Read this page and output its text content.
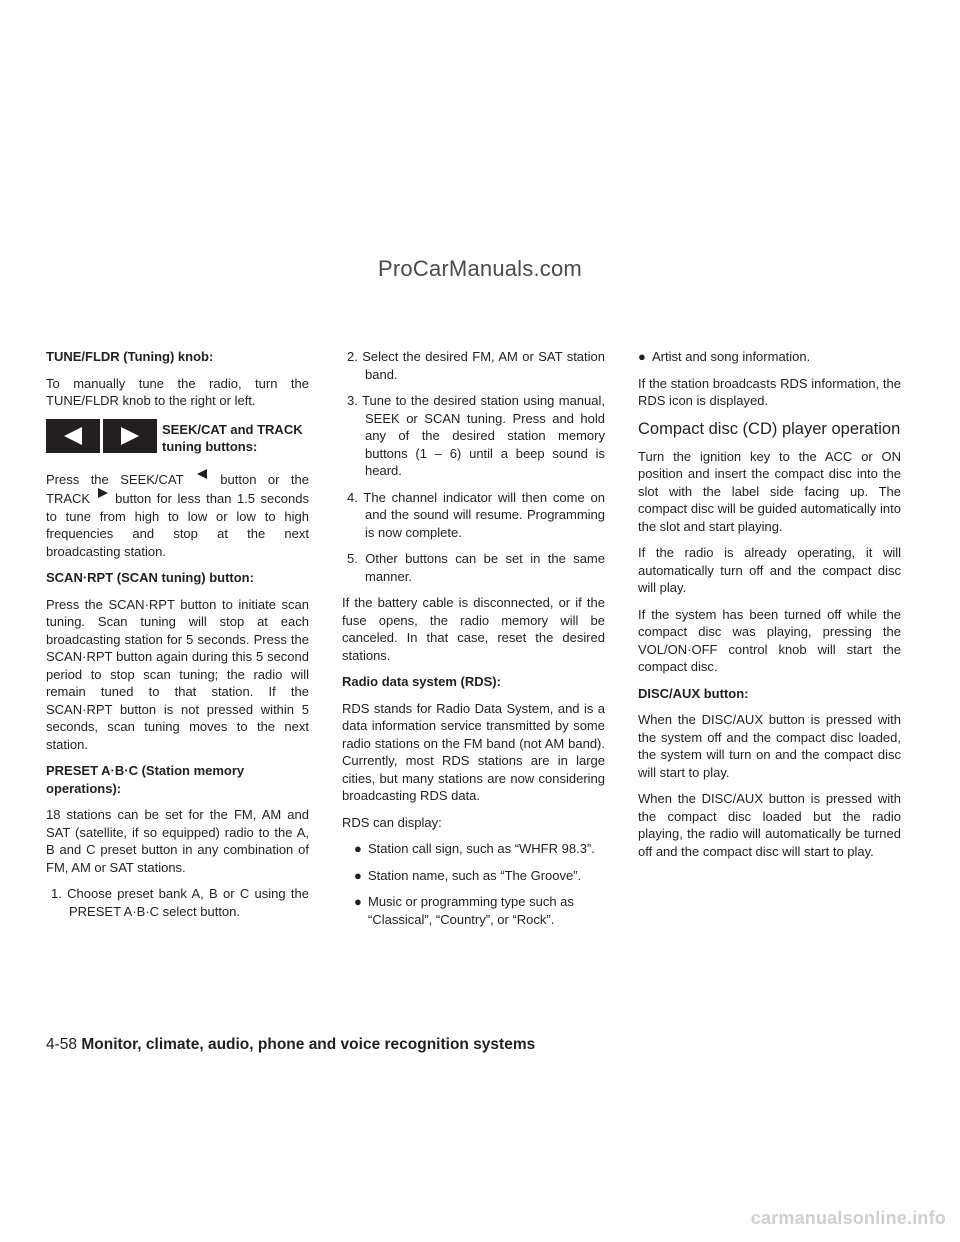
ProCarManuals.com
TUNE/FLDR (Tuning) knob:

To manually tune the radio, turn the TUNE/FLDR knob to the right or left.

SEEK/CAT and TRACK tuning buttons:

Press the SEEK/CAT	button or the TRACK button for less than 1.5 seconds to tune from high to low or low to high frequencies and stop at the next broadcasting station.

SCAN·RPT (SCAN tuning) button:

Press the SCAN·RPT button to initiate scan tuning. Scan tuning will stop at each broadcasting station for 5 seconds. Press the SCAN·RPT button again during this 5 second period to stop scan tuning; the radio will remain tuned to that station. If the SCAN·RPT button is not pressed within 5 seconds, scan tuning moves to the next station.

PRESET A·B·C (Station memory operations):

18 stations can be set for the FM, AM and SAT (satellite, if so equipped) radio to the A, B and C preset button in any combination of FM, AM or SAT stations.

1. Choose preset bank A, B or C using the PRESET A·B·C select button.

2. Select the desired FM, AM or SAT station band.

3. Tune to the desired station using manual, SEEK or SCAN tuning. Press and hold any of the desired station memory buttons (1 – 6) until a beep sound is heard.

4. The channel indicator will then come on and the sound will resume. Programming is now complete.

5. Other buttons can be set in the same manner.

If the battery cable is disconnected, or if the fuse opens, the radio memory will be canceled. In that case, reset the desired stations.

Radio data system (RDS):

RDS stands for Radio Data System, and is a data information service transmitted by some radio stations on the FM band (not AM band). Currently, most RDS stations are in large cities, but many stations are now considering broadcasting RDS data.

RDS can display:

● Station call sign, such as “WHFR 98.3”.
● Station name, such as “The Groove”.
● Music or programming type such as “Classical”, “Country”, or “Rock”.
● Artist and song information.

If the station broadcasts RDS information, the RDS icon is displayed.

Compact disc (CD) player operation

Turn the ignition key to the ACC or ON position and insert the compact disc into the slot with the label side facing up. The compact disc will be guided automatically into the slot and start playing.

If the radio is already operating, it will automatically turn off and the compact disc will play.

If the system has been turned off while the compact disc was playing, pressing the VOL/ON·OFF control knob will start the compact disc.

DISC/AUX button:

When the DISC/AUX button is pressed with the system off and the compact disc loaded, the system will turn on and the compact disc will start to play.

When the DISC/AUX button is pressed with the compact disc loaded but the radio playing, the radio will automatically be turned off and the compact disc will start to play.

4-58 Monitor, climate, audio, phone and voice recognition systems
carmanualsonline.info
